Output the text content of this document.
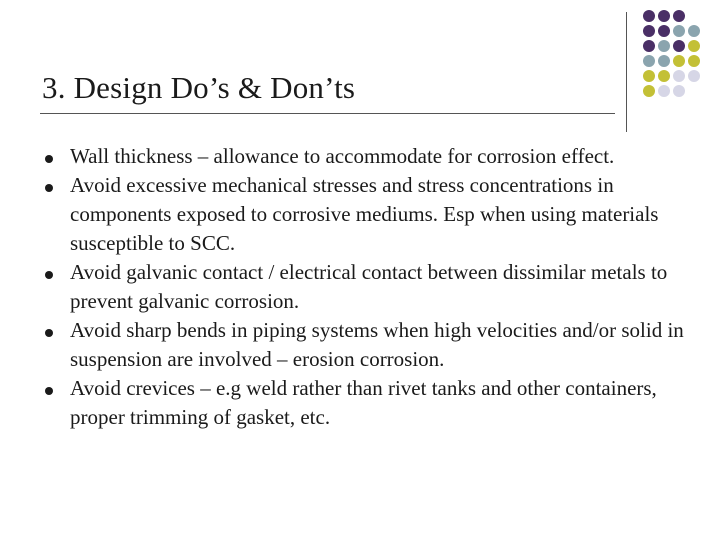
3. Design Do’s & Don’ts
Wall thickness – allowance to accommodate for corrosion effect.
Avoid excessive mechanical stresses and stress concentrations in components exposed to corrosive mediums. Esp when using materials susceptible to SCC.
Avoid galvanic contact / electrical contact between dissimilar metals to prevent galvanic corrosion.
Avoid sharp bends in piping systems when high velocities and/or solid in suspension are involved – erosion corrosion.
Avoid crevices – e.g weld rather than rivet tanks and other containers, proper trimming of gasket, etc.
